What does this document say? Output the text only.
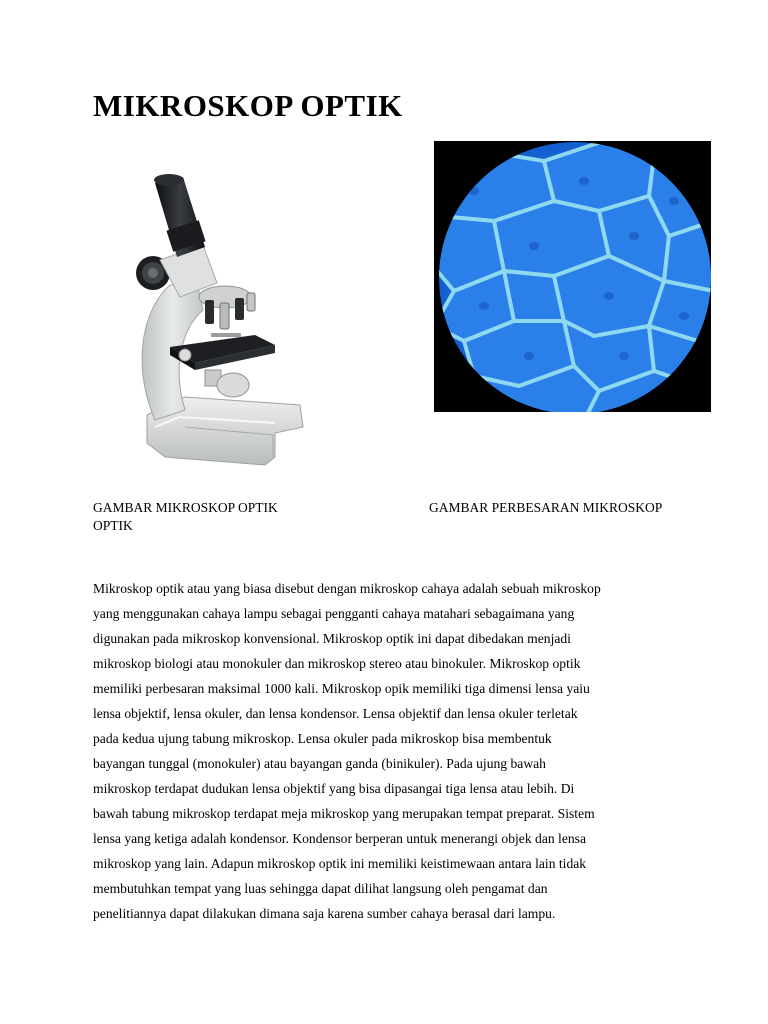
MIKROSKOP OPTIK
GAMBAR MIKROSKOP OPTIK
OPTIK
GAMBAR PERBESARAN MIKROSKOP

Mikroskop optik atau yang biasa disebut dengan mikroskop cahaya adalah sebuah mikroskop
yang menggunakan cahaya lampu sebagai pengganti cahaya matahari sebagaimana yang
digunakan pada mikroskop konvensional. Mikroskop optik ini dapat dibedakan menjadi
mikroskop biologi atau monokuler dan mikroskop stereo atau binokuler. Mikroskop optik
memiliki perbesaran maksimal 1000 kali. Mikroskop opik memiliki tiga dimensi lensa yaiu
lensa objektif, lensa okuler, dan lensa kondensor. Lensa objektif dan lensa okuler terletak
pada kedua ujung tabung mikroskop. Lensa okuler pada mikroskop bisa membentuk
bayangan tunggal (monokuler) atau bayangan ganda (binikuler). Pada ujung bawah
mikroskop terdapat dudukan lensa objektif yang bisa dipasangai tiga lensa atau lebih. Di
bawah tabung mikroskop terdapat meja mikroskop yang merupakan tempat preparat. Sistem
lensa yang ketiga adalah kondensor. Kondensor berperan untuk menerangi objek dan lensa
mikroskop yang lain. Adapun mikroskop optik ini memiliki keistimewaan antara lain tidak
membutuhkan tempat yang luas sehingga dapat dilihat langsung oleh pengamat dan
penelitiannya dapat dilakukan dimana saja karena sumber cahaya berasal dari lampu.
